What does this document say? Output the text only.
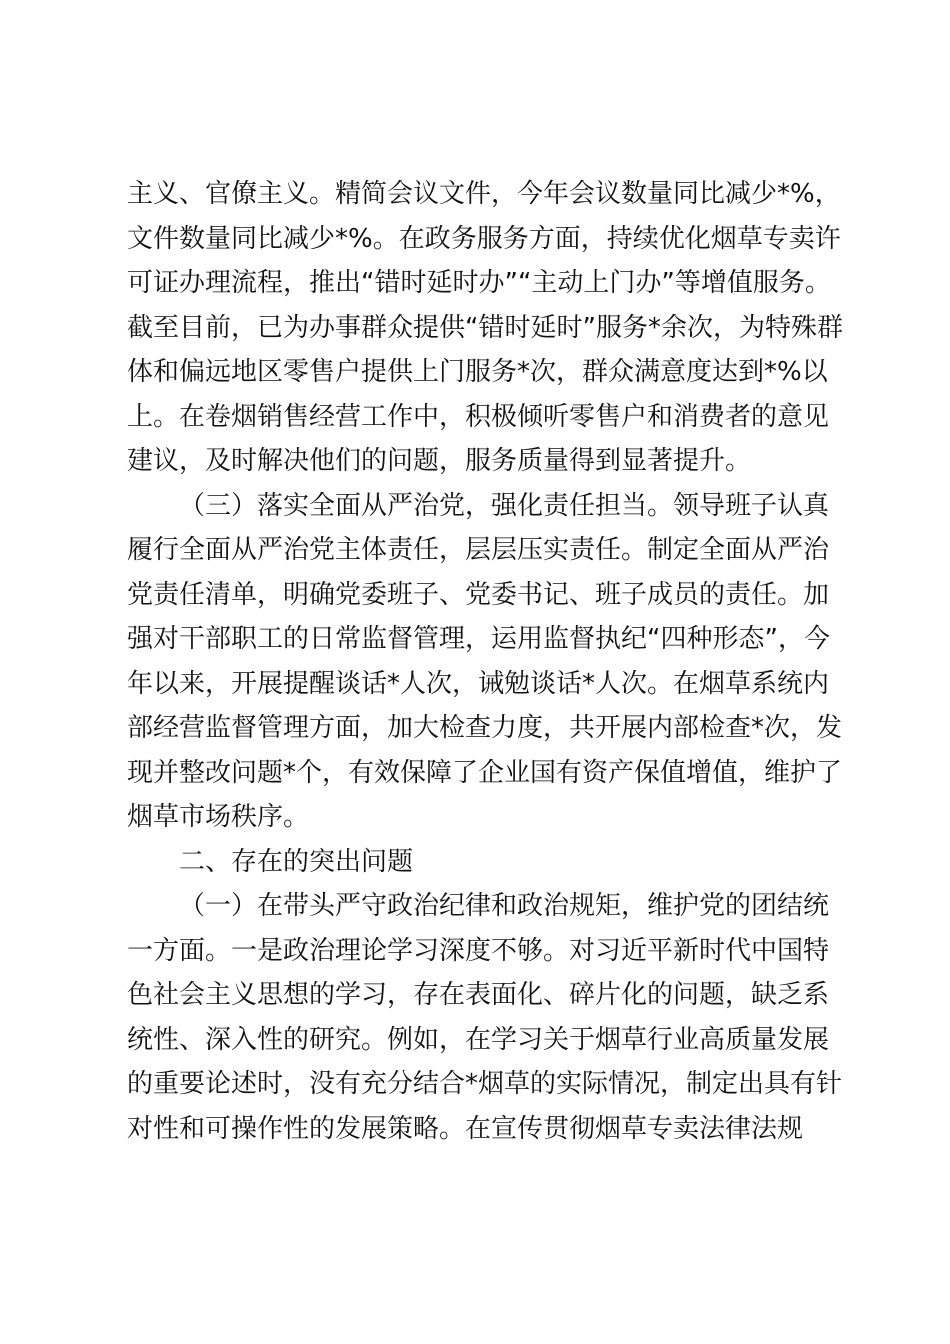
主义、官僚主义。精简会议文件，今年会议数量同比减少*%，
文件数量同比减少*%。在政务服务方面，持续优化烟草专卖许
可证办理流程，推出“错时延时办”“主动上门办”等增值服务。
截至目前，已为办事群众提供“错时延时”服务*余次，为特殊群
体和偏远地区零售户提供上门服务*次，群众满意度达到*%以
上。在卷烟销售经营工作中，积极倾听零售户和消费者的意见
建议，及时解决他们的问题，服务质量得到显著提升。
（三）落实全面从严治党，强化责任担当。领导班子认真
履行全面从严治党主体责任，层层压实责任。制定全面从严治
党责任清单，明确党委班子、党委书记、班子成员的责任。加
强对干部职工的日常监督管理，运用监督执纪“四种形态”，今
年以来，开展提醒谈话*人次，诫勉谈话*人次。在烟草系统内
部经营监督管理方面，加大检查力度，共开展内部检查*次，发
现并整改问题*个，有效保障了企业国有资产保值增值，维护了
烟草市场秩序。
二、存在的突出问题
（一）在带头严守政治纪律和政治规矩，维护党的团结统
一方面。一是政治理论学习深度不够。对习近平新时代中国特
色社会主义思想的学习，存在表面化、碎片化的问题，缺乏系
统性、深入性的研究。例如，在学习关于烟草行业高质量发展
的重要论述时，没有充分结合*烟草的实际情况，制定出具有针
对性和可操作性的发展策略。在宣传贯彻烟草专卖法律法规
